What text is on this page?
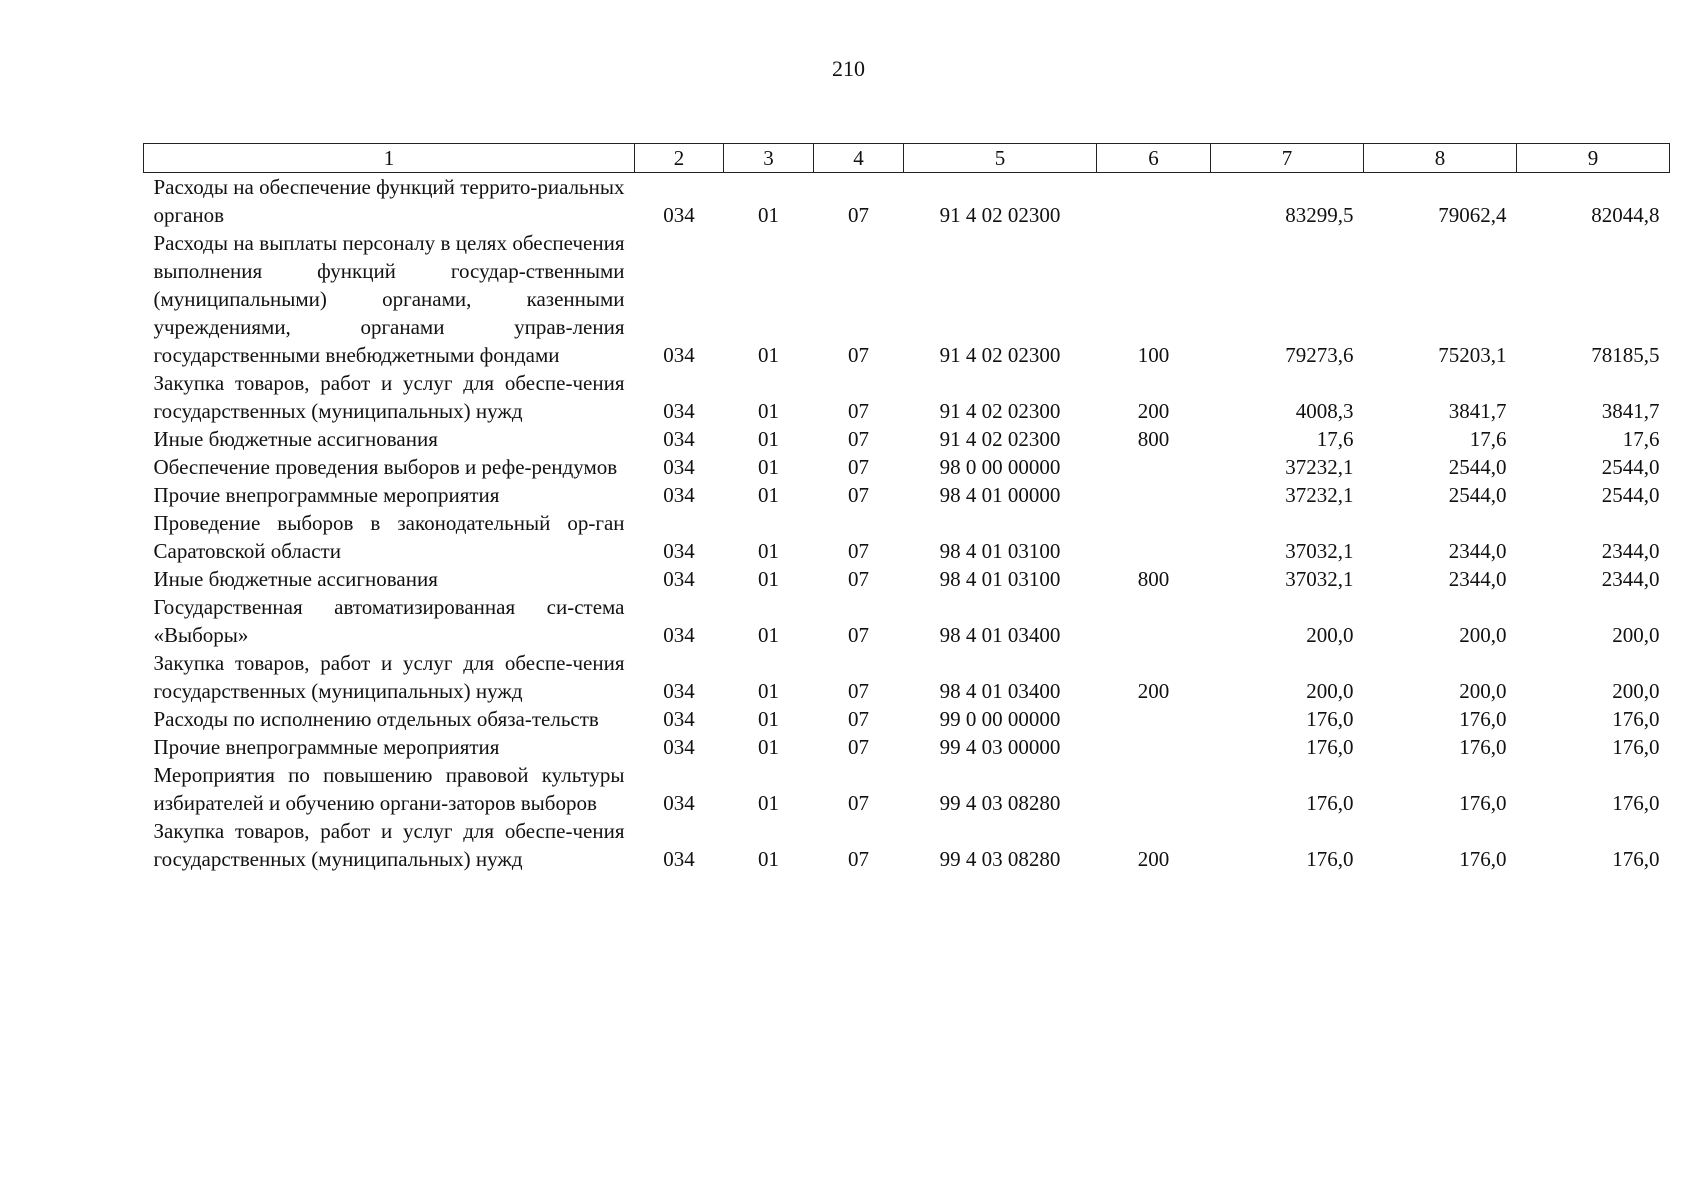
210
1	2	3	4	5	6	7	8	9
Расходы на обеспечение функций террито-риальных органов	034	01	07	91 4 02 02300		83299,5	79062,4	82044,8
Расходы на выплаты персоналу в целях обеспечения выполнения функций государ-ственными (муниципальными) органами, казенными учреждениями, органами управ-ления государственными внебюджетными фондами	034	01	07	91 4 02 02300	100	79273,6	75203,1	78185,5
Закупка товаров, работ и услуг для обеспе-чения государственных (муниципальных) нужд	034	01	07	91 4 02 02300	200	4008,3	3841,7	3841,7
Иные бюджетные ассигнования	034	01	07	91 4 02 02300	800	17,6	17,6	17,6
Обеспечение проведения выборов и рефе-рендумов	034	01	07	98 0 00 00000		37232,1	2544,0	2544,0
Прочие внепрограммные мероприятия	034	01	07	98 4 01 00000		37232,1	2544,0	2544,0
Проведение выборов в законодательный ор-ган Саратовской области	034	01	07	98 4 01 03100		37032,1	2344,0	2344,0
Иные бюджетные ассигнования	034	01	07	98 4 01 03100	800	37032,1	2344,0	2344,0
Государственная автоматизированная си-стема «Выборы»	034	01	07	98 4 01 03400		200,0	200,0	200,0
Закупка товаров, работ и услуг для обеспе-чения государственных (муниципальных) нужд	034	01	07	98 4 01 03400	200	200,0	200,0	200,0
Расходы по исполнению отдельных обяза-тельств	034	01	07	99 0 00 00000		176,0	176,0	176,0
Прочие внепрограммные мероприятия	034	01	07	99 4 03 00000		176,0	176,0	176,0
Мероприятия по повышению правовой культуры избирателей и обучению органи-заторов выборов	034	01	07	99 4 03 08280		176,0	176,0	176,0
Закупка товаров, работ и услуг для обеспе-чения государственных (муниципальных) нужд	034	01	07	99 4 03 08280	200	176,0	176,0	176,0
